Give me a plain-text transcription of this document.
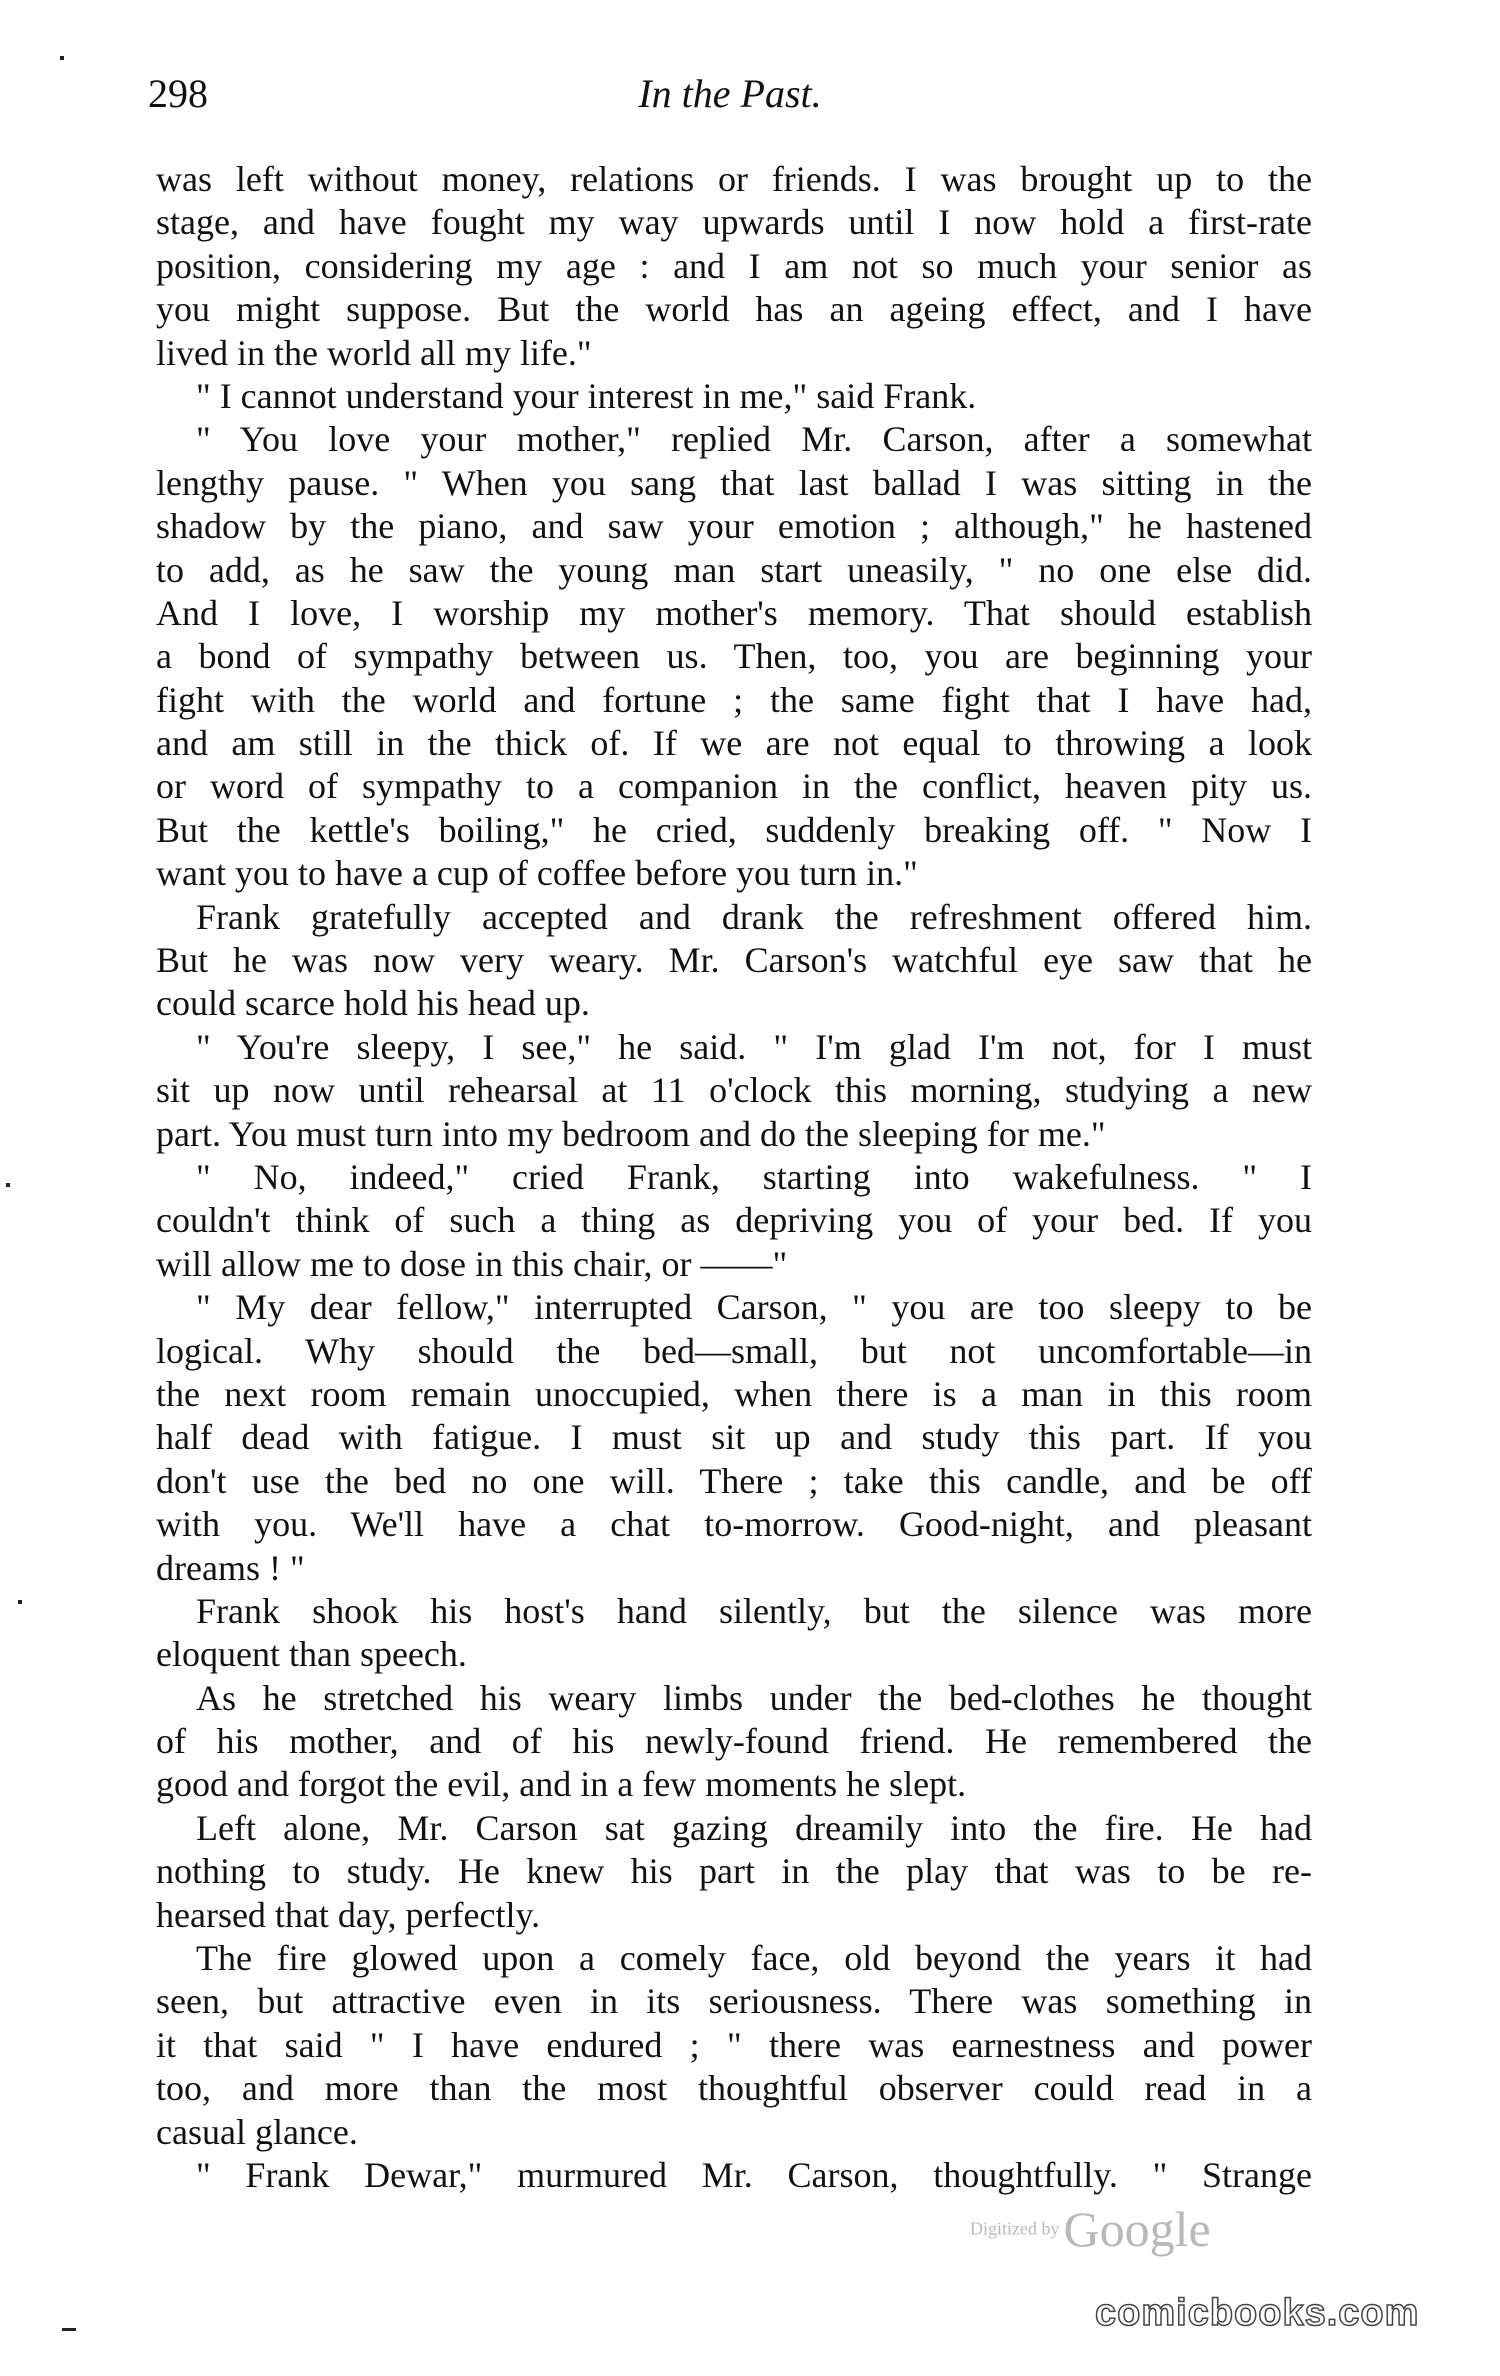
298	In the Past.
was left without money, relations or friends. I was brought up to the
stage, and have fought my way upwards until I now hold a first-rate
position, considering my age : and I am not so much your senior as
you might suppose. But the world has an ageing effect, and I have
lived in the world all my life."
" I cannot understand your interest in me," said Frank.
" You love your mother," replied Mr. Carson, after a somewhat
lengthy pause. " When you sang that last ballad I was sitting in the
shadow by the piano, and saw your emotion ; although," he hastened
to add, as he saw the young man start uneasily, " no one else did.
And I love, I worship my mother's memory. That should establish
a bond of sympathy between us. Then, too, you are beginning your
fight with the world and fortune ; the same fight that I have had,
and am still in the thick of. If we are not equal to throwing a look
or word of sympathy to a companion in the conflict, heaven pity us.
But the kettle's boiling," he cried, suddenly breaking off. " Now I
want you to have a cup of coffee before you turn in."
Frank gratefully accepted and drank the refreshment offered him.
But he was now very weary. Mr. Carson's watchful eye saw that he
could scarce hold his head up.
" You're sleepy, I see," he said. " I'm glad I'm not, for I must
sit up now until rehearsal at 11 o'clock this morning, studying a new
part. You must turn into my bedroom and do the sleeping for me."
" No, indeed," cried Frank, starting into wakefulness. " I
couldn't think of such a thing as depriving you of your bed. If you
will allow me to dose in this chair, or ——"
" My dear fellow," interrupted Carson, " you are too sleepy to be
logical. Why should the bed—small, but not uncomfortable—in
the next room remain unoccupied, when there is a man in this room
half dead with fatigue. I must sit up and study this part. If you
don't use the bed no one will. There ; take this candle, and be off
with you. We'll have a chat to-morrow. Good-night, and pleasant
dreams ! "
Frank shook his host's hand silently, but the silence was more
eloquent than speech.
As he stretched his weary limbs under the bed-clothes he thought
of his mother, and of his newly-found friend. He remembered the
good and forgot the evil, and in a few moments he slept.
Left alone, Mr. Carson sat gazing dreamily into the fire. He had
nothing to study. He knew his part in the play that was to be re-
hearsed that day, perfectly.
The fire glowed upon a comely face, old beyond the years it had
seen, but attractive even in its seriousness. There was something in
it that said " I have endured ; " there was earnestness and power
too, and more than the most thoughtful observer could read in a
casual glance.
" Frank Dewar," murmured Mr. Carson, thoughtfully. " Strange
Digitized by Google
comicbooks.com
